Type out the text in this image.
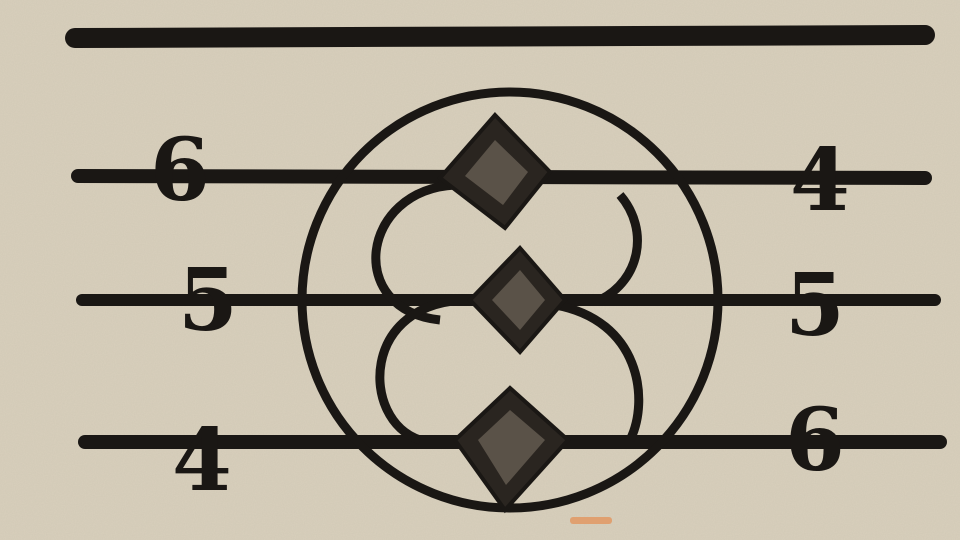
6
5
4
4
5
6
